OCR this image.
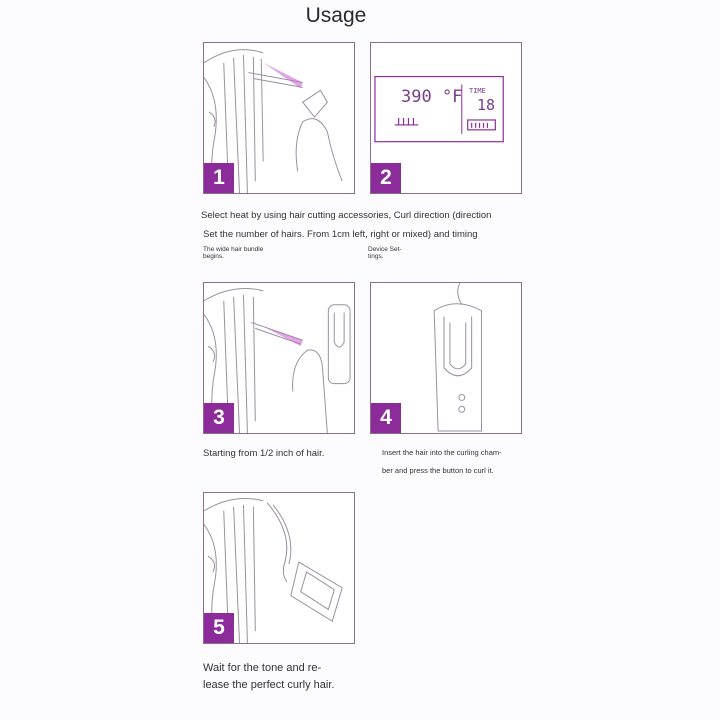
Usage
1
390 °F TIME
18
2
Select heat by using hair cutting accessories, Curl direction (direction
Set the number of hairs. From 1cm left, right or mixed) and timing
The wide hair bundle
begins.
Device Set-
tings.
3	4
Starting from 1/2 inch of hair.	Insert the hair into the curling cham-
ber and press the button to curl it.
5
Wait for the tone and re-
lease the perfect curly hair.
